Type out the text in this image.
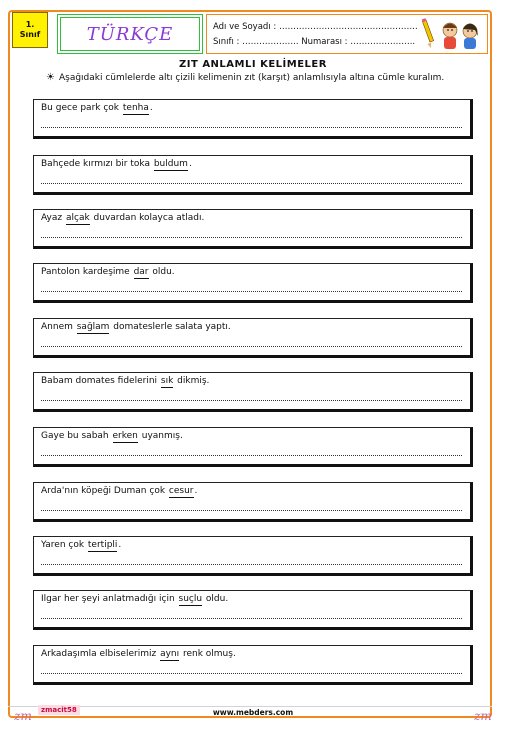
1.
Sınıf	TÜRKÇE	Adı ve Soyadı : ………………………………………….
Sınıfı : ……………….. Numarası : …………………..
ZIT ANLAMLI KELİMELER
☀ Aşağıdaki cümlelerde altı çizili kelimenin zıt (karşıt) anlamlısıyla altına cümle kuralım.
Bu gece park çok tenha.
Bahçede kırmızı bir toka buldum.
Ayaz alçak duvardan kolayca atladı.
Pantolon kardeşime dar oldu.
Annem sağlam domateslerle salata yaptı.
Babam domates fidelerini sık dikmiş.
Gaye bu sabah erken uyanmış.
Arda'nın köpeği Duman çok cesur.
Yaren çok tertipli.
Ilgar her şeyi anlatmadığı için suçlu oldu.
Arkadaşımla elbiselerimiz aynı renk olmuş.
zm	zmacit58	www.mebders.com	zm
